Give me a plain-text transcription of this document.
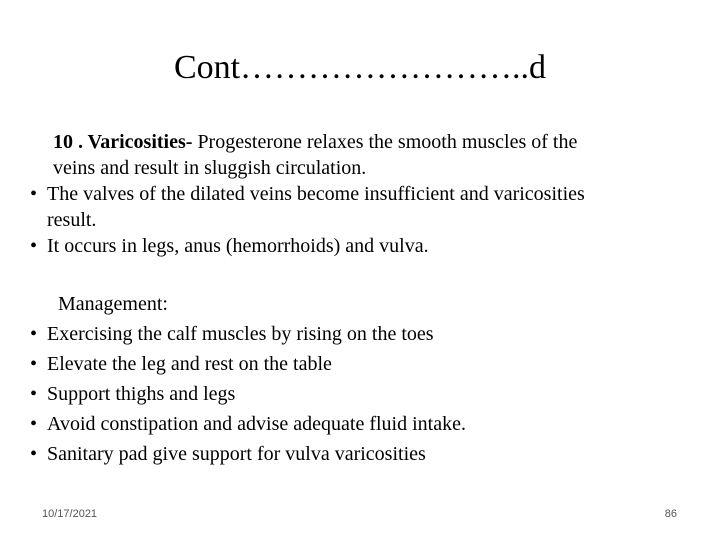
Cont……………………..d

10 . Varicosities- Progesterone relaxes the smooth muscles of the
veins and result in sluggish circulation.

• The valves of the dilated veins become insufficient and varicosities
result.
• It occurs in legs, anus (hemorrhoids) and vulva.

Management:

• Exercising the calf muscles by rising on the toes
• Elevate the leg and rest on the table
• Support thighs and legs
• Avoid constipation and advise adequate fluid intake.
• Sanitary pad give support for vulva varicosities
10/17/2021	86
